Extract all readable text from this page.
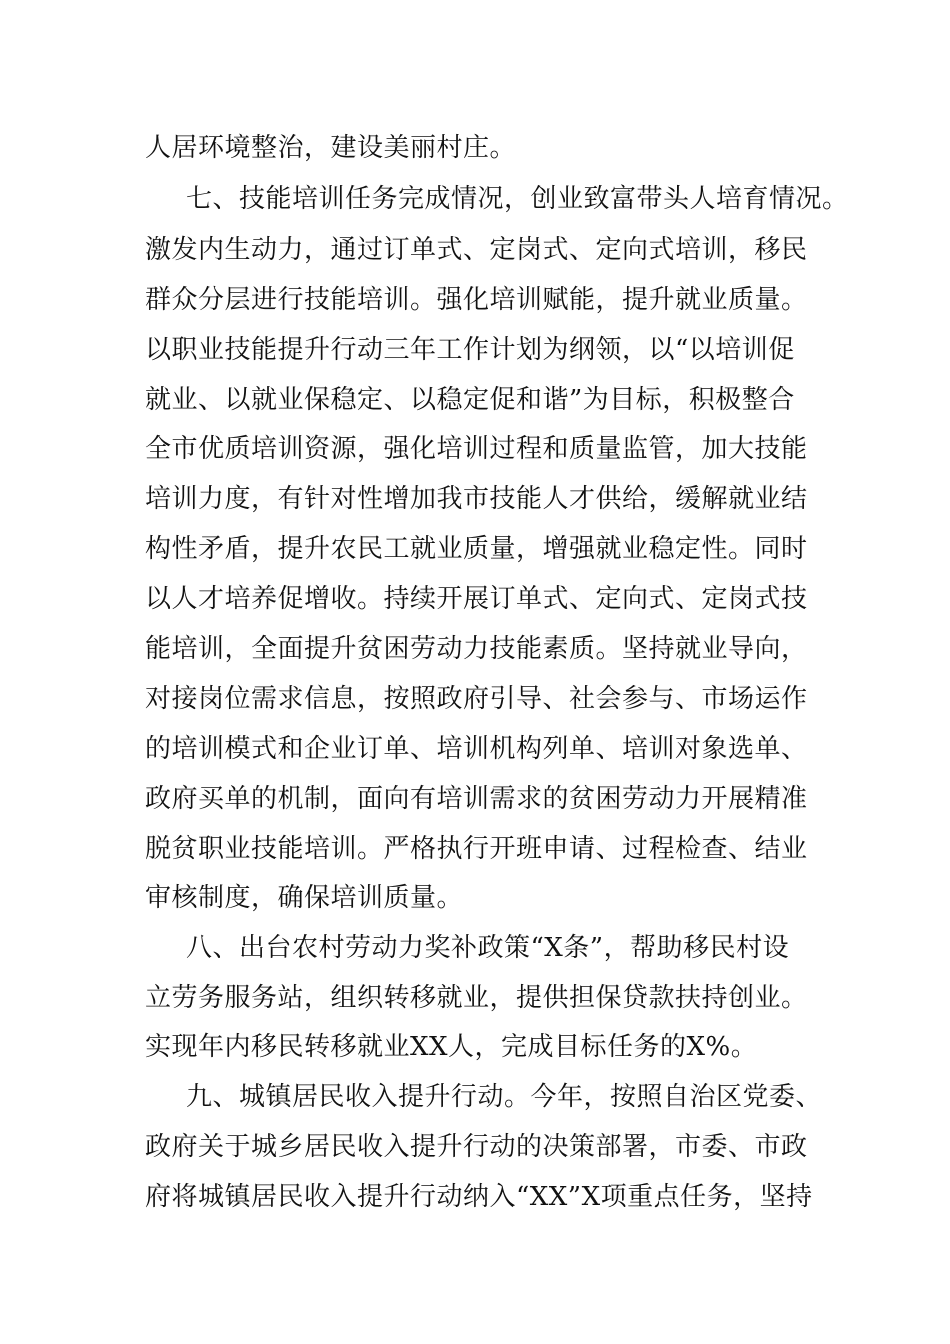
人居环境整治，建设美丽村庄。
七、技能培训任务完成情况，创业致富带头人培育情况。
激发内生动力，通过订单式、定岗式、定向式培训，移民
群众分层进行技能培训。强化培训赋能，提升就业质量。
以职业技能提升行动三年工作计划为纲领，以“以培训促
就业、以就业保稳定、以稳定促和谐”为目标，积极整合
全市优质培训资源，强化培训过程和质量监管，加大技能
培训力度，有针对性增加我市技能人才供给，缓解就业结
构性矛盾，提升农民工就业质量，增强就业稳定性。同时
以人才培养促增收。持续开展订单式、定向式、定岗式技
能培训，全面提升贫困劳动力技能素质。坚持就业导向，
对接岗位需求信息，按照政府引导、社会参与、市场运作
的培训模式和企业订单、培训机构列单、培训对象选单、
政府买单的机制，面向有培训需求的贫困劳动力开展精准
脱贫职业技能培训。严格执行开班申请、过程检查、结业
审核制度，确保培训质量。
八、出台农村劳动力奖补政策“X条”，帮助移民村设
立劳务服务站，组织转移就业，提供担保贷款扶持创业。
实现年内移民转移就业XX人，完成目标任务的X%。
九、城镇居民收入提升行动。今年，按照自治区党委、
政府关于城乡居民收入提升行动的决策部署，市委、市政
府将城镇居民收入提升行动纳入“XX”X项重点任务，坚持
